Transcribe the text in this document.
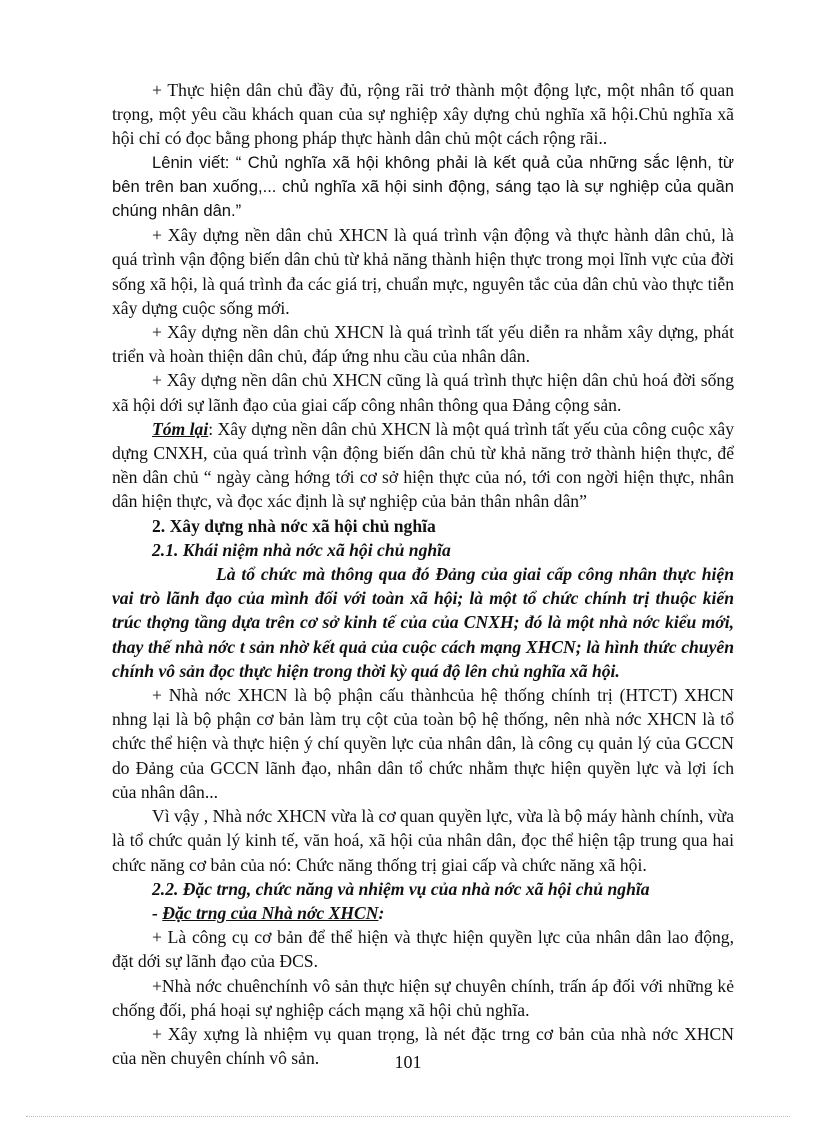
+ Thực hiện dân chủ đầy đủ, rộng rãi trở thành một động lực, một nhân tố quan trọng, một yêu cầu khách quan của sự nghiệp xây dựng chủ nghĩa xã hội.Chủ nghĩa xã hội chỉ có đọc bằng phong pháp thực hành dân chủ một cách rộng rãi..

Lênin viết: “ Chủ nghĩa xã hội không phải là kết quả của những sắc lệnh, từ bên trên ban xuống,... chủ nghĩa xã hội sinh động, sáng tạo là sự nghiệp của quần chúng nhân dân.”

+ Xây dựng nền dân chủ XHCN là quá trình vận động và thực hành dân chủ, là quá trình vận động biến dân chủ từ khả năng thành hiện thực trong mọi lĩnh vực của đời sống xã hội, là quá trình đa các giá trị, chuẩn mực, nguyên tắc của dân chủ vào thực tiễn xây dựng cuộc sống mới.

+ Xây dựng nền dân chủ XHCN là quá trình tất yếu diễn ra nhằm xây dựng, phát triển và hoàn thiện dân chủ, đáp ứng nhu cầu của nhân dân.

+ Xây dựng nền dân chủ XHCN cũng là quá trình thực hiện dân chủ hoá đời sống xã hội dới sự lãnh đạo của giai cấp công nhân thông qua Đảng cộng sản.

Tóm lại: Xây dựng nền dân chủ XHCN là một quá trình tất yếu của công cuộc xây dựng CNXH, của quá trình vận động biến dân chủ từ khả năng trở thành hiện thực, để nền dân chủ “ ngày càng hớng tới cơ sở hiện thực của nó, tới con ngời hiện thực, nhân dân hiện thực, và đọc xác định là sự nghiệp của bản thân nhân dân”

2. Xây dựng nhà nớc xã hội chủ nghĩa

2.1. Khái niệm nhà nớc xã hội chủ nghĩa

Là tổ chức mà thông qua đó Đảng của giai cấp công nhân thực hiện vai trò lãnh đạo của mình đối với toàn xã hội; là một tổ chức chính trị thuộc kiến trúc thợng tầng dựa trên cơ sở kinh tế của của CNXH; đó là một nhà nớc kiểu mới, thay thế nhà nớc t sản nhờ kết quả của cuộc cách mạng XHCN; là hình thức chuyên chính vô sản đọc thực hiện trong thời kỳ quá độ lên chủ nghĩa xã hội.

+ Nhà nớc XHCN là bộ phận cấu thànhcủa hệ thống chính trị (HTCT) XHCN nhng lại là bộ phận cơ bản làm trụ cột của toàn bộ hệ thống, nên nhà nớc XHCN là tổ chức thể hiện và thực hiện ý chí quyền lực của nhân dân, là công cụ quản lý của GCCN do Đảng của GCCN lãnh đạo, nhân dân tổ chức nhằm thực hiện quyền lực và lợi ích của nhân dân...

Vì vậy , Nhà nớc XHCN vừa là cơ quan quyền lực, vừa là bộ máy hành chính, vừa là tổ chức quản lý kinh tế, văn hoá, xã hội của nhân dân, đọc thể hiện tập trung qua hai chức năng cơ bản của nó: Chức năng thống trị giai cấp và chức năng xã hội.

2.2. Đặc trng, chức năng và nhiệm vụ của nhà nớc xã hội chủ nghĩa

- Đặc trng của Nhà nớc XHCN:

+ Là công cụ cơ bản để thể hiện và thực hiện quyền lực của nhân dân lao động, đặt dới sự lãnh đạo của ĐCS.

+Nhà nớc chuênchính vô sản thực hiện sự chuyên chính, trấn áp đối với những kẻ chống đối, phá hoại sự nghiệp cách mạng xã hội chủ nghĩa.

+ Xây xựng là nhiệm vụ quan trọng, là nét đặc trng cơ bản của nhà nớc XHCN của nền chuyên chính vô sản.	101
